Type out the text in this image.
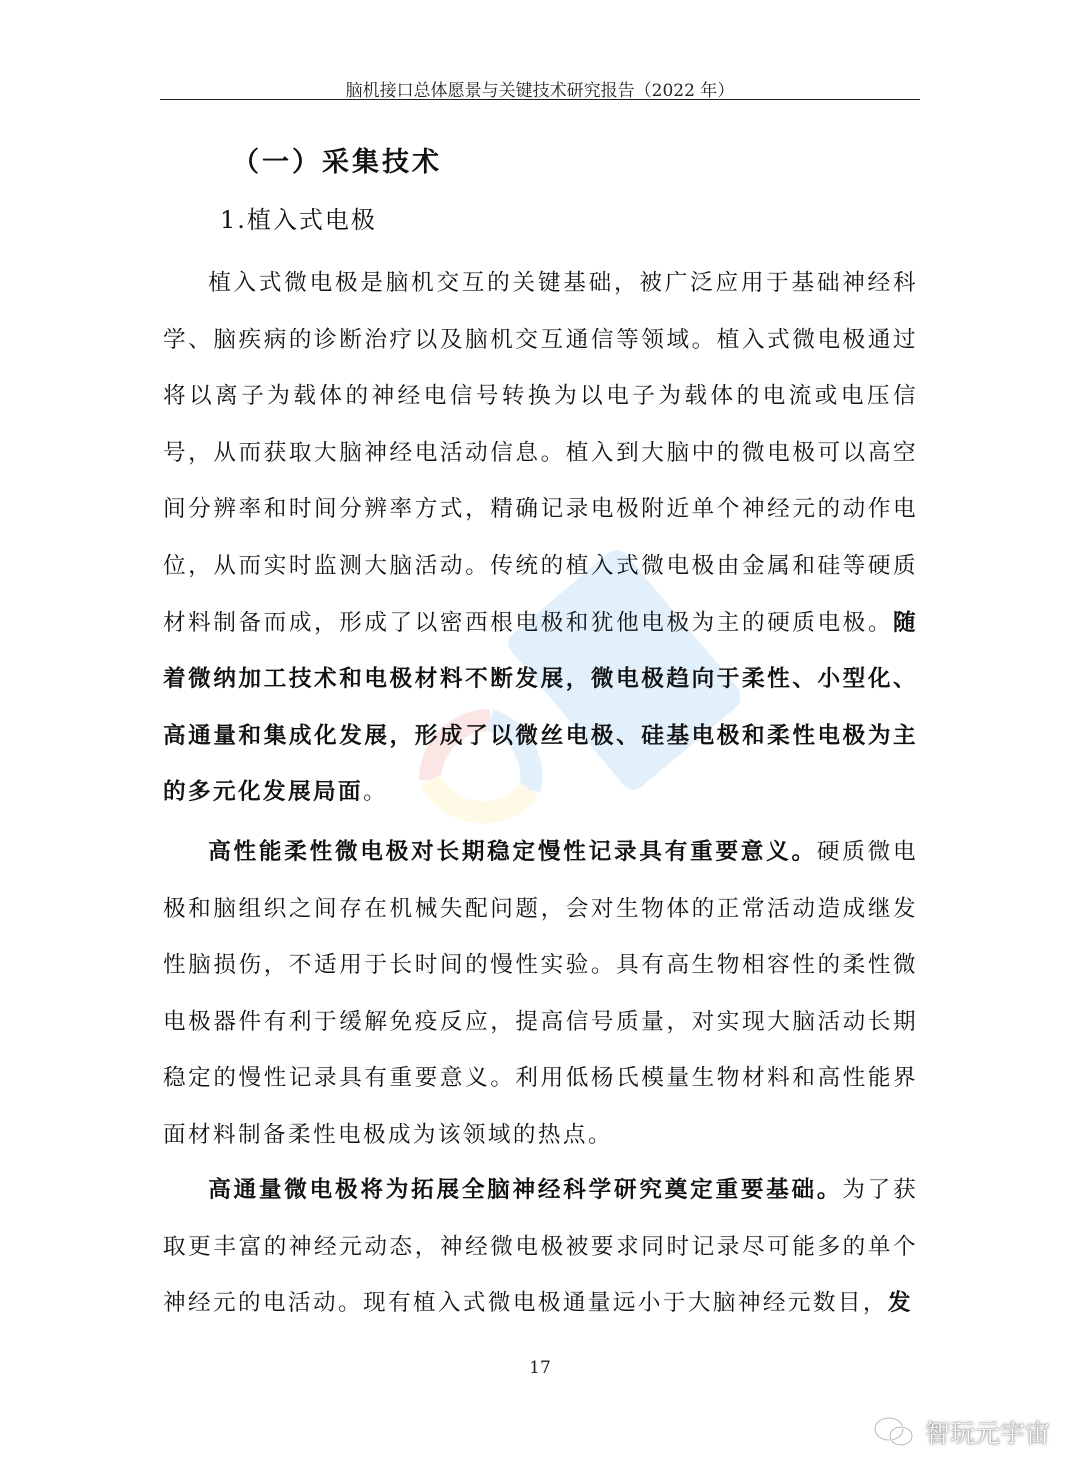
脑机接口总体愿景与关键技术研究报告（2022 年）
（一）采集技术
1.植入式电极

植入式微电极是脑机交互的关键基础，被广泛应用于基础神经科学、脑疾病的诊断治疗以及脑机交互通信等领域。植入式微电极通过将以离子为载体的神经电信号转换为以电子为载体的电流或电压信号，从而获取大脑神经电活动信息。植入到大脑中的微电极可以高空间分辨率和时间分辨率方式，精确记录电极附近单个神经元的动作电位，从而实时监测大脑活动。传统的植入式微电极由金属和硅等硬质材料制备而成，形成了以密西根电极和犹他电极为主的硬质电极。随着微纳加工技术和电极材料不断发展，微电极趋向于柔性、小型化、高通量和集成化发展，形成了以微丝电极、硅基电极和柔性电极为主的多元化发展局面。

高性能柔性微电极对长期稳定慢性记录具有重要意义。硬质微电极和脑组织之间存在机械失配问题，会对生物体的正常活动造成继发性脑损伤，不适用于长时间的慢性实验。具有高生物相容性的柔性微电极器件有利于缓解免疫反应，提高信号质量，对实现大脑活动长期稳定的慢性记录具有重要意义。利用低杨氏模量生物材料和高性能界面材料制备柔性电极成为该领域的热点。

高通量微电极将为拓展全脑神经科学研究奠定重要基础。为了获取更丰富的神经元动态，神经微电极被要求同时记录尽可能多的单个神经元的电活动。现有植入式微电极通量远小于大脑神经元数目，发

17
智玩元宇宙
